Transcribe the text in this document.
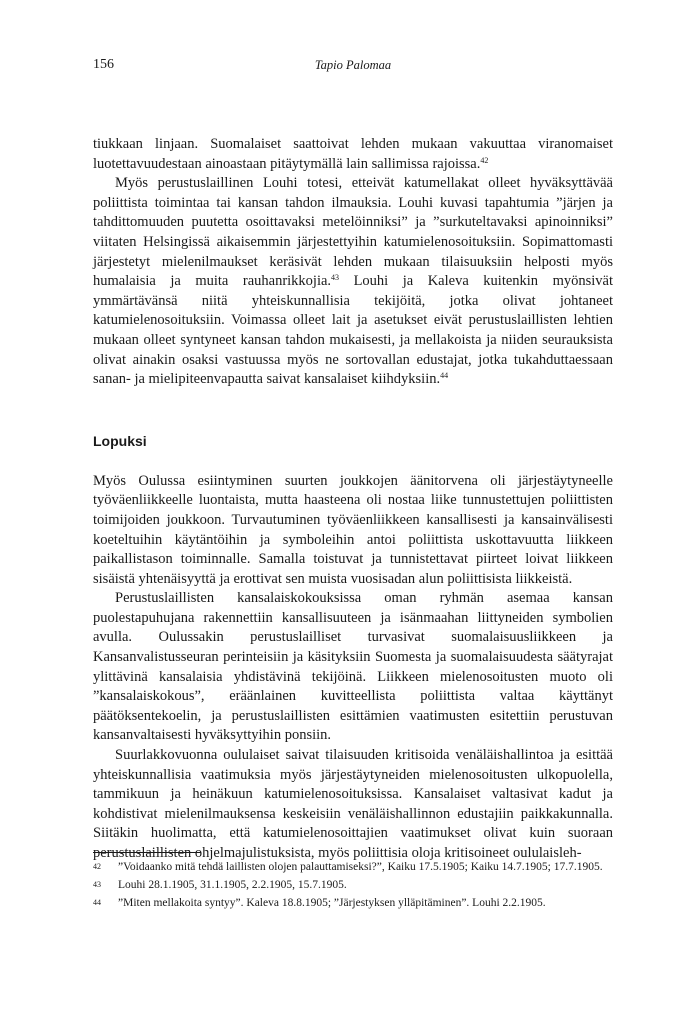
156	Tapio Palomaa

tiukkaan linjaan. Suomalaiset saattoivat lehden mukaan vakuuttaa viranomaiset luotettavuudestaan ainoastaan pitäytymällä lain sallimissa rajoissa.$^{42}$

Myös perustuslaillinen Louhi totesi, etteivät katumellakat olleet hyväksyttävää poliittista toimintaa tai kansan tahdon ilmauksia. Louhi kuvasi tapahtumia ”järjen ja tahdittomuuden puutetta osoittavaksi metelöinniksi” ja ”surkuteltavaksi apinoinniksi” viitaten Helsingissä aikaisemmin järjestettyihin katumielenosoituksiin. Sopimattomasti järjestetyt mielenilmaukset keräsivät lehden mukaan tilaisuuksiin helposti myös humalaisia ja muita rauhanrikkojia.$^{43}$ Louhi ja Kaleva kuitenkin myönsivät ymmärtävänsä niitä yhteiskunnallisia tekijöitä, jotka olivat johtaneet katumielenosoituksiin. Voimassa olleet lait ja asetukset eivät perustuslaillisten lehtien mukaan olleet syntyneet kansan tahdon mukaisesti, ja mellakoista ja niiden seurauksista olivat ainakin osaksi vastuussa myös ne sortovallan edustajat, jotka tukahduttaessaan sanan- ja mielipiteenvapautta saivat kansalaiset kiihdyksiin.$^{44}$

Lopuksi

Myös Oulussa esiintyminen suurten joukkojen äänitorvena oli järjestäytyneelle työväenliikkeelle luontaista, mutta haasteena oli nostaa liike tunnustettujen poliittisten toimijoiden joukkoon. Turvautuminen työväenliikkeen kansallisesti ja kansainvälisesti koeteltuihin käytäntöihin ja symboleihin antoi poliittista uskottavuutta liikkeen paikallistason toiminnalle. Samalla toistuvat ja tunnistettavat piirteet loivat liikkeen sisäistä yhtenäisyyttä ja erottivat sen muista vuosisadan alun poliittisista liikkeistä.

Perustuslaillisten kansalaiskokouksissa oman ryhmän asemaa kansan puolestapuhujana rakennettiin kansallisuuteen ja isänmaahan liittyneiden symbolien avulla. Oulussakin perustuslailliset turvasivat suomalaisuusliikkeen ja Kansanvalistusseuran perinteisiin ja käsityksiin Suomesta ja suomalaisuudesta säätyrajat ylittävinä kansalaisia yhdistävinä tekijöinä. Liikkeen mielenosoitusten muoto oli ”kansalaiskokous”, eräänlainen kuvitteellista poliittista valtaa käyttänyt päätöksentekoelin, ja perustuslaillisten esittämien vaatimusten esitettiin perustuvan kansanvaltaisesti hyväksyttyihin ponsiin.

Suurlakkovuonna oululaiset saivat tilaisuuden kritisoida venäläishallintoa ja esittää yhteiskunnallisia vaatimuksia myös järjestäytyneiden mielenosoitusten ulkopuolella, tammikuun ja heinäkuun katumielenosoituksissa. Kansalaiset valtasivat kadut ja kohdistivat mielenilmauksensa keskeisiin venäläishallinnon edustajiin paikkakunnalla. Siitäkin huolimatta, että katumielenosoittajien vaatimukset olivat kuin suoraan perustuslaillisten ohjelmajulistuksista, myös poliittisia oloja kritisoineet oululaisleh-

42 ”Voidaanko mitä tehdä laillisten olojen palauttamiseksi?”, Kaiku 17.5.1905; Kaiku 14.7.1905; 17.7.1905.

43 Louhi 28.1.1905, 31.1.1905, 2.2.1905, 15.7.1905.

44 ”Miten mellakoita syntyy”. Kaleva 18.8.1905; ”Järjestyksen ylläpitäminen”. Louhi 2.2.1905.
